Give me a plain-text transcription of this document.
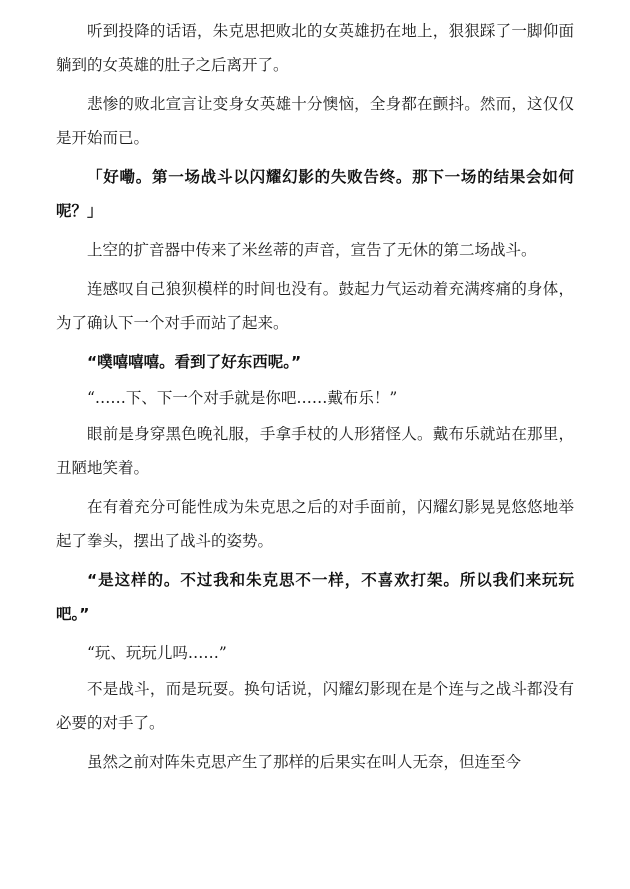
听到投降的话语，朱克思把败北的女英雄扔在地上，狠狠踩了一脚仰面躺到的女英雄的肚子之后离开了。

悲惨的败北宣言让变身女英雄十分懊恼，全身都在颤抖。然而，这仅仅是开始而已。

「好嘞。第一场战斗以闪耀幻影的失败告终。那下一场的结果会如何呢？」

上空的扩音器中传来了米丝蒂的声音，宣告了无休的第二场战斗。

连感叹自己狼狈模样的时间也没有。鼓起力气运动着充满疼痛的身体，为了确认下一个对手而站了起来。

“噗嘻嘻嘻。看到了好东西呢。”

“……下、下一个对手就是你吧……戴布乐！”

眼前是身穿黑色晚礼服，手拿手杖的人形猪怪人。戴布乐就站在那里，丑陋地笑着。

在有着充分可能性成为朱克思之后的对手面前，闪耀幻影晃晃悠悠地举起了拳头，摆出了战斗的姿势。

“是这样的。不过我和朱克思不一样，不喜欢打架。所以我们来玩玩吧。”

“玩、玩玩儿吗……”

不是战斗，而是玩耍。换句话说，闪耀幻影现在是个连与之战斗都没有必要的对手了。

虽然之前对阵朱克思产生了那样的后果实在叫人无奈，但连至今
